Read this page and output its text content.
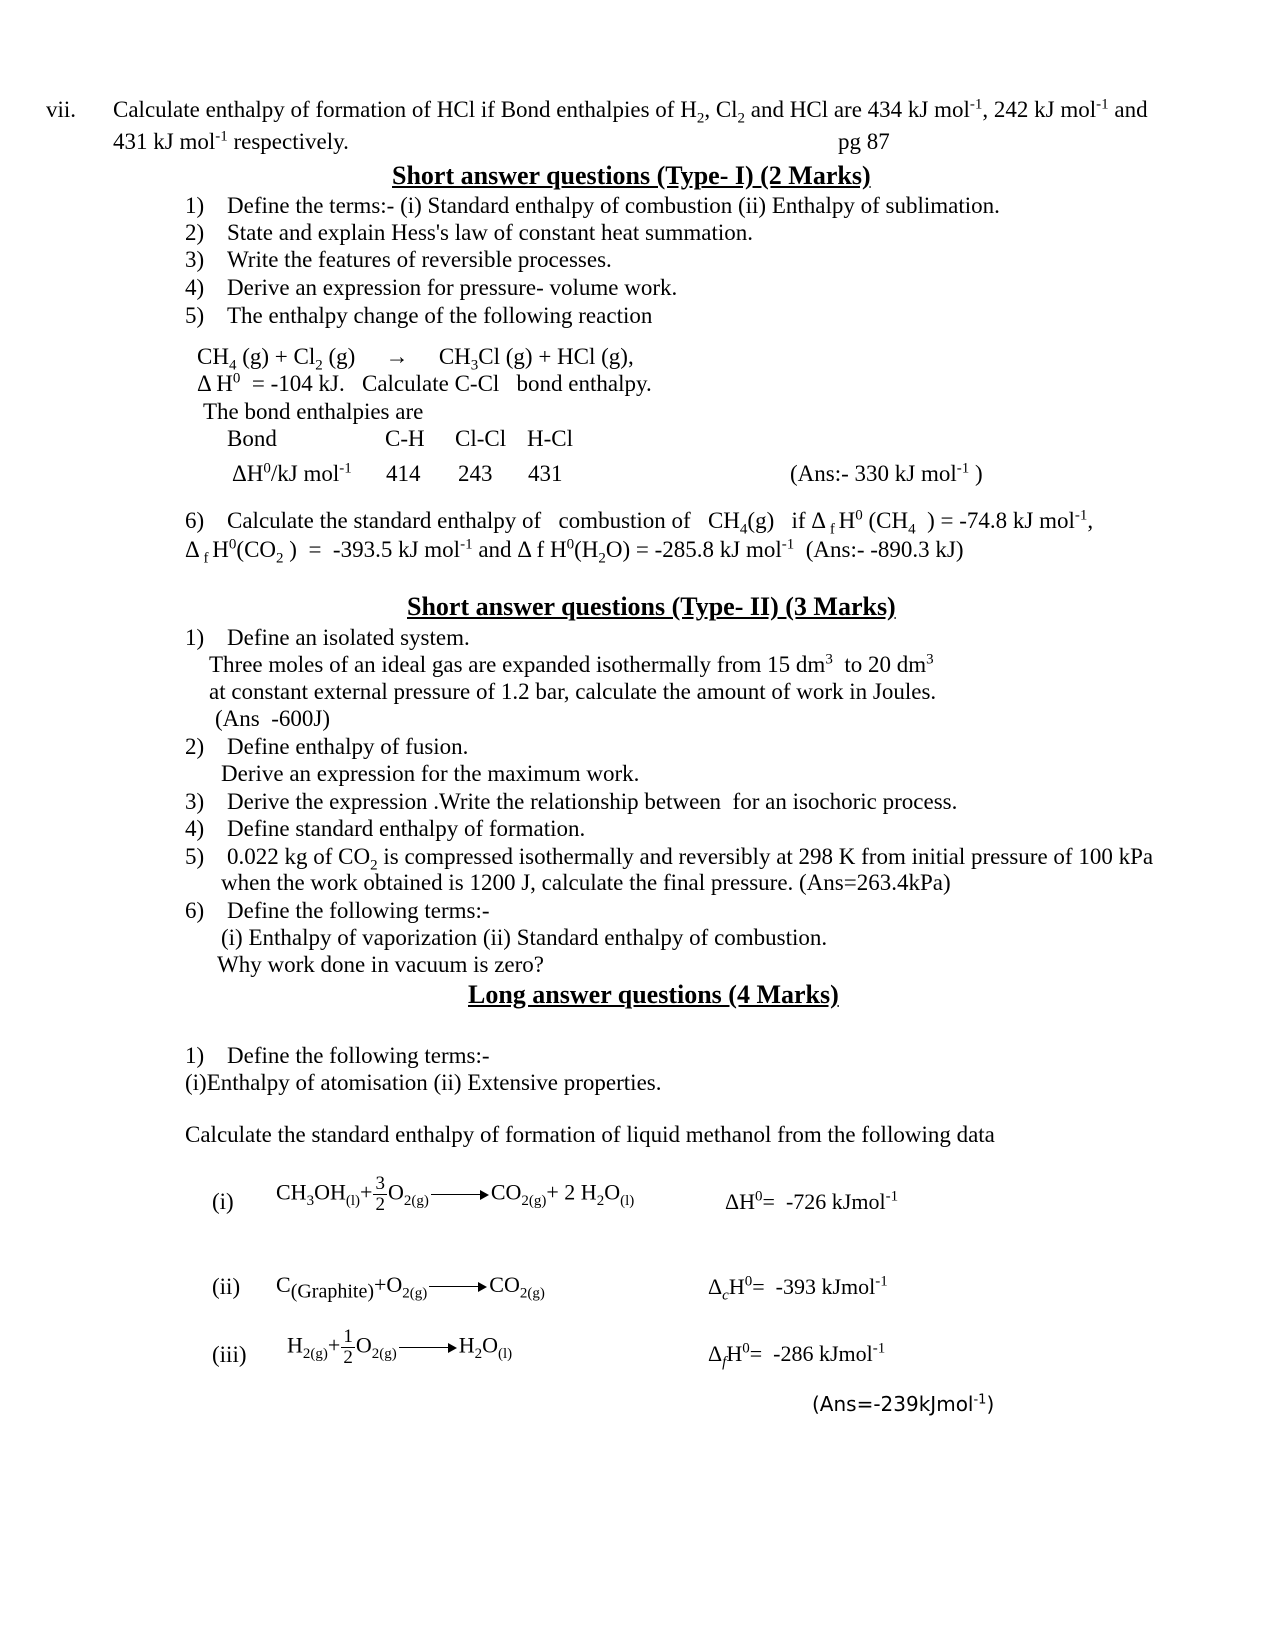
vii. Calculate enthalpy of formation of HCl if Bond enthalpies of $H_2$, $Cl_2$ and HCl are 434 kJ mol$^{-1}$, 242 kJ mol$^{-1}$ and
431 kJ mol$^{-1}$ respectively.	pg 87
Short answer questions (Type- I) (2 Marks)
1) Define the terms:- (i) Standard enthalpy of combustion (ii) Enthalpy of sublimation.
2) State and explain Hess's law of constant heat summation.
3) Write the features of reversible processes.
4) Derive an expression for pressure- volume work.
5) The enthalpy change of the following reaction
$CH_4$ $(g) + Cl_2$ $(g) \to CH_3Cl$ (g) + HCl (g),
Δ $H^0 = -104$ kJ.   Calculate C-Cl   bond enthalpy.
The bond enthalpies are
Bond	C-H Cl-Cl H-Cl
$\Delta H^0/kJ$ mol$^{-1}$ 414 243 431	(Ans:- 330 kJ mol$^{-1}$ )
6) Calculate the standard enthalpy of   combustion of   $CH_4(g)$   if Δ $_f$ $H^0$ ($CH_4$  ) = -74.8 kJ mol$^{-1}$,
Δ $_f$ $H^0(CO_2$ )  =  -393.5 kJ mol$^{-1}$ and Δ f $H^0(H_2O) = -285.8$ kJ mol$^{-1}$  (Ans:- -890.3 kJ)
Short answer questions (Type- II) (3 Marks)
1) Define an isolated system.
Three moles of an ideal gas are expanded isothermally from 15 $dm^3$  to 20 $dm^3$
at constant external pressure of 1.2 bar, calculate the amount of work in Joules.
(Ans  -600J)
2) Define enthalpy of fusion.
Derive an expression for the maximum work.
3) Derive the expression .Write the relationship between  for an isochoric process.
4) Define standard enthalpy of formation.
5) 0.022 kg of $CO_2$ is compressed isothermally and reversibly at 298 K from initial pressure of 100 kPa
when the work obtained is 1200 J, calculate the final pressure. (Ans=263.4kPa)
6) Define the following terms:-
(i) Enthalpy of vaporization (ii) Standard enthalpy of combustion.
Why work done in vacuum is zero?
Long answer questions (4 Marks)
1) Define the following terms:-
(i)Enthalpy of atomisation (ii) Extensive properties.
Calculate the standard enthalpy of formation of liquid methanol from the following data
(i) $CH_3OH_{(l)}+ \frac{3}{2} O_{2(g)}$	$CO_{2(g)}+ 2$ $H_2O_{(l)}$	$\Delta H^0= -726$ kJmol$^{-1}$
(ii) $C_{(Graphite)}+O_{2(g)}$	$CO_{2(g)}$	$\Delta_cH^0= -393$ kJmol$^{-1}$
(iii) $H_{2(g)}+ \frac{1}{2} O_{2(g)}$	$H_2O_{(l)}$	$\Delta_fH^0= -286$ kJmol$^{-1}$
(Ans=-239kJmol$^{-1}$)
